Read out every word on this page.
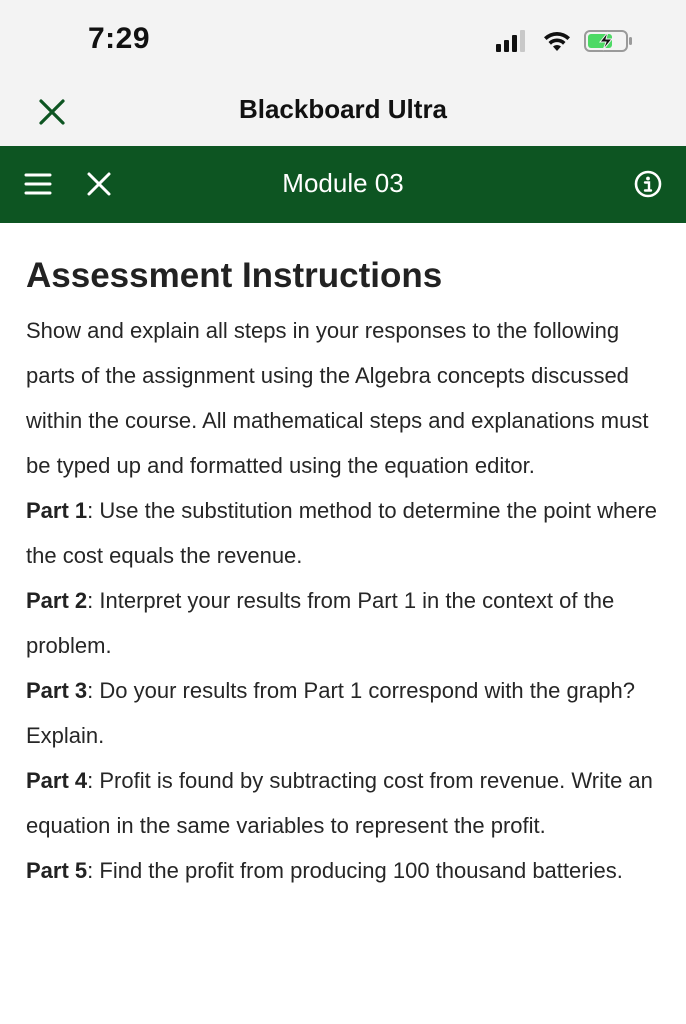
7:29
Blackboard Ultra
Module 03
Assessment Instructions

Show and explain all steps in your responses to the following parts of the assignment using the Algebra concepts discussed within the course. All mathematical steps and explanations must be typed up and formatted using the equation editor.

Part 1: Use the substitution method to determine the point where the cost equals the revenue.

Part 2: Interpret your results from Part 1 in the context of the problem.

Part 3: Do your results from Part 1 correspond with the graph? Explain.

Part 4: Profit is found by subtracting cost from revenue. Write an equation in the same variables to represent the profit.

Part 5: Find the profit from producing 100 thousand batteries.
